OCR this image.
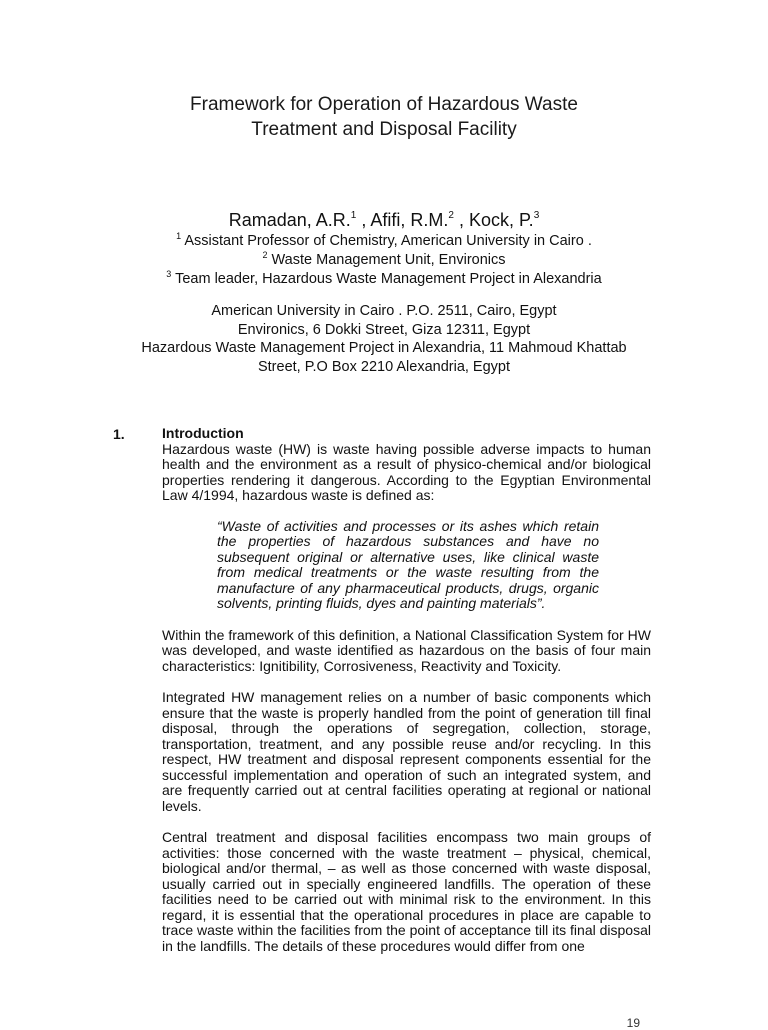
Framework for Operation of Hazardous Waste
Treatment and Disposal Facility
Ramadan, A.R.$^1$ , Afifi, R.M.$^2$ , Kock, P.$^3$
$^1$ Assistant Professor of Chemistry, American University in Cairo .
$^2$ Waste Management Unit, Environics
$^3$ Team leader, Hazardous Waste Management Project in Alexandria
American University in Cairo . P.O. 2511, Cairo, Egypt
Environics, 6 Dokki Street, Giza 12311, Egypt
Hazardous Waste Management Project in Alexandria, 11 Mahmoud Khattab
Street, P.O Box 2210 Alexandria, Egypt
1.	Introduction

Hazardous waste (HW) is waste having possible adverse impacts to human health and the environment as a result of physico-chemical and/or biological properties rendering it dangerous. According to the Egyptian Environmental Law 4/1994, hazardous waste is defined as:

“Waste of activities and processes or its ashes which retain the properties of hazardous substances and have no subsequent original or alternative uses, like clinical waste from medical treatments or the waste resulting from the manufacture of any pharmaceutical products, drugs, organic solvents, printing fluids, dyes and painting materials”.

Within the framework of this definition, a National Classification System for HW was developed, and waste identified as hazardous on the basis of four main characteristics: Ignitibility, Corrosiveness, Reactivity and Toxicity.

Integrated HW management relies on a number of basic components which ensure that the waste is properly handled from the point of generation till final disposal, through the operations of segregation, collection, storage, transportation, treatment, and any possible reuse and/or recycling. In this respect, HW treatment and disposal represent components essential for the successful implementation and operation of such an integrated system, and are frequently carried out at central facilities operating at regional or national levels.

Central treatment and disposal facilities encompass two main groups of activities: those concerned with the waste treatment – physical, chemical, biological and/or thermal, – as well as those concerned with waste disposal, usually carried out in specially engineered landfills. The operation of these facilities need to be carried out with minimal risk to the environment. In this regard, it is essential that the operational procedures in place are capable to trace waste within the facilities from the point of acceptance till its final disposal in the landfills. The details of these procedures would differ from one

19
